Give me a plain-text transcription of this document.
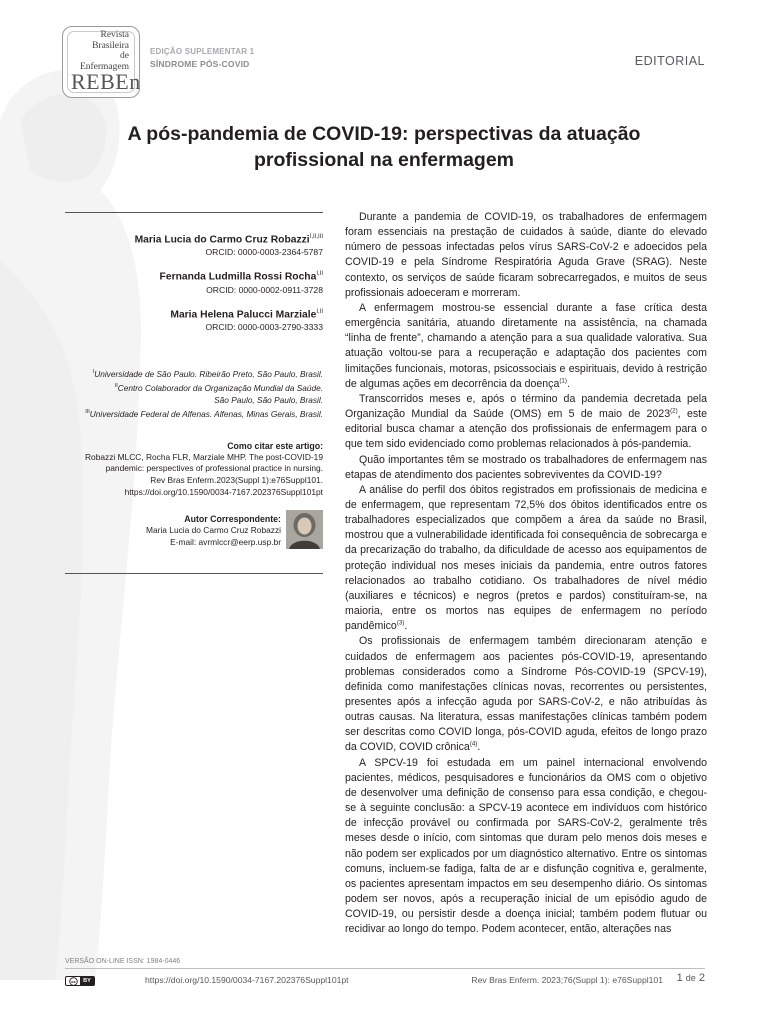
Revista
Brasileira
de Enfermagem
REBEn
EDIÇÃO SUPLEMENTAR 1
SÍNDROME PÓS-COVID	EDITORIAL
A pós-pandemia de COVID-19: perspectivas da atuação profissional na enfermagem
Maria Lucia do Carmo Cruz Robazzi$^{I,II,III}$
ORCID: 0000-0003-2364-5787
Fernanda Ludmilla Rossi Rocha$^{I,II}$
ORCID: 0000-0002-0911-3728
Maria Helena Palucci Marziale$^{I,II}$
ORCID: 0000-0003-2790-3333
$^I$Universidade de São Paulo. Ribeirão Preto, São Paulo, Brasil.
$^{II}$Centro Colaborador da Organização Mundial da Saúde.
São Paulo, São Paulo, Brasil.
$^{III}$Universidade Federal de Alfenas. Alfenas, Minas Gerais, Brasil.
Como citar este artigo:
Robazzi MLCC, Rocha FLR, Marziale MHP. The post-COVID-19
pandemic: perspectives of professional practice in nursing.
Rev Bras Enferm.2023(Suppl 1):e76Suppl101.
https://doi.org/10.1590/0034-7167.202376Suppl101pt
Autor Correspondente:
Maria Lucia do Carmo Cruz Robazzi
E-mail: avrmlccr@eerp.usp.br

Durante a pandemia de COVID-19, os trabalhadores de enfermagem foram essenciais na prestação de cuidados à saúde, diante do elevado número de pessoas infectadas pelos vírus SARS-CoV-2 e adoecidos pela COVID-19 e pela Síndrome Respiratória Aguda Grave (SRAG). Neste contexto, os serviços de saúde ficaram sobrecarregados, e muitos de seus profissionais adoeceram e morreram.

A enfermagem mostrou-se essencial durante a fase crítica desta emergência sanitária, atuando diretamente na assistência, na chamada “linha de frente”, chamando a atenção para a sua qualidade valorativa. Sua atuação voltou-se para a recuperação e adaptação dos pacientes com limitações funcionais, motoras, psicossociais e espirituais, devido à restrição de algumas ações em decorrência da doença$^{(1)}$.

Transcorridos meses e, após o término da pandemia decretada pela Organização Mundial da Saúde (OMS) em 5 de maio de 2023$^{(2)}$, este editorial busca chamar a atenção dos profissionais de enfermagem para o que tem sido evidenciado como problemas relacionados à pós-pandemia.

Quão importantes têm se mostrado os trabalhadores de enfermagem nas etapas de atendimento dos pacientes sobreviventes da COVID-19?

A análise do perfil dos óbitos registrados em profissionais de medicina e de enfermagem, que representam 72,5% dos óbitos identificados entre os trabalhadores especializados que compõem a área da saúde no Brasil, mostrou que a vulnerabilidade identificada foi consequência de sobrecarga e da precarização do trabalho, da dificuldade de acesso aos equipamentos de proteção individual nos meses iniciais da pandemia, entre outros fatores relacionados ao trabalho cotidiano. Os trabalhadores de nível médio (auxiliares e técnicos) e negros (pretos e pardos) constituíram-se, na maioria, entre os mortos nas equipes de enfermagem no período pandêmico$^{(3)}$.

Os profissionais de enfermagem também direcionaram atenção e cuidados de enfermagem aos pacientes pós-COVID-19, apresentando problemas considerados como a Síndrome Pós-COVID-19 (SPCV-19), definida como manifestações clínicas novas, recorrentes ou persistentes, presentes após a infecção aguda por SARS-CoV-2, e não atribuídas às outras causas. Na literatura, essas manifestações clínicas também podem ser descritas como COVID longa, pós-COVID aguda, efeitos de longo prazo da COVID, COVID crônica$^{(4)}$.

A SPCV-19 foi estudada em um painel internacional envolvendo pacientes, médicos, pesquisadores e funcionários da OMS com o objetivo de desenvolver uma definição de consenso para essa condição, e chegou-se à seguinte conclusão: a SPCV-19 acontece em indivíduos com histórico de infecção provável ou confirmada por SARS-CoV-2, geralmente três meses desde o início, com sintomas que duram pelo menos dois meses e não podem ser explicados por um diagnóstico alternativo. Entre os sintomas comuns, incluem-se fadiga, falta de ar e disfunção cognitiva e, geralmente, os pacientes apresentam impactos em seu desempenho diário. Os sintomas podem ser novos, após a recuperação inicial de um episódio agudo de COVID-19, ou persistir desde a doença inicial; também podem flutuar ou recidivar ao longo do tempo. Podem acontecer, então, alterações nas

VERSÃO ON-LINE ISSN: 1984-0446
cc	BY	https://doi.org/10.1590/0034-7167.202376Suppl101pt	Rev Bras Enferm. 2023;76(Suppl 1): e76Suppl101 1 de 2
